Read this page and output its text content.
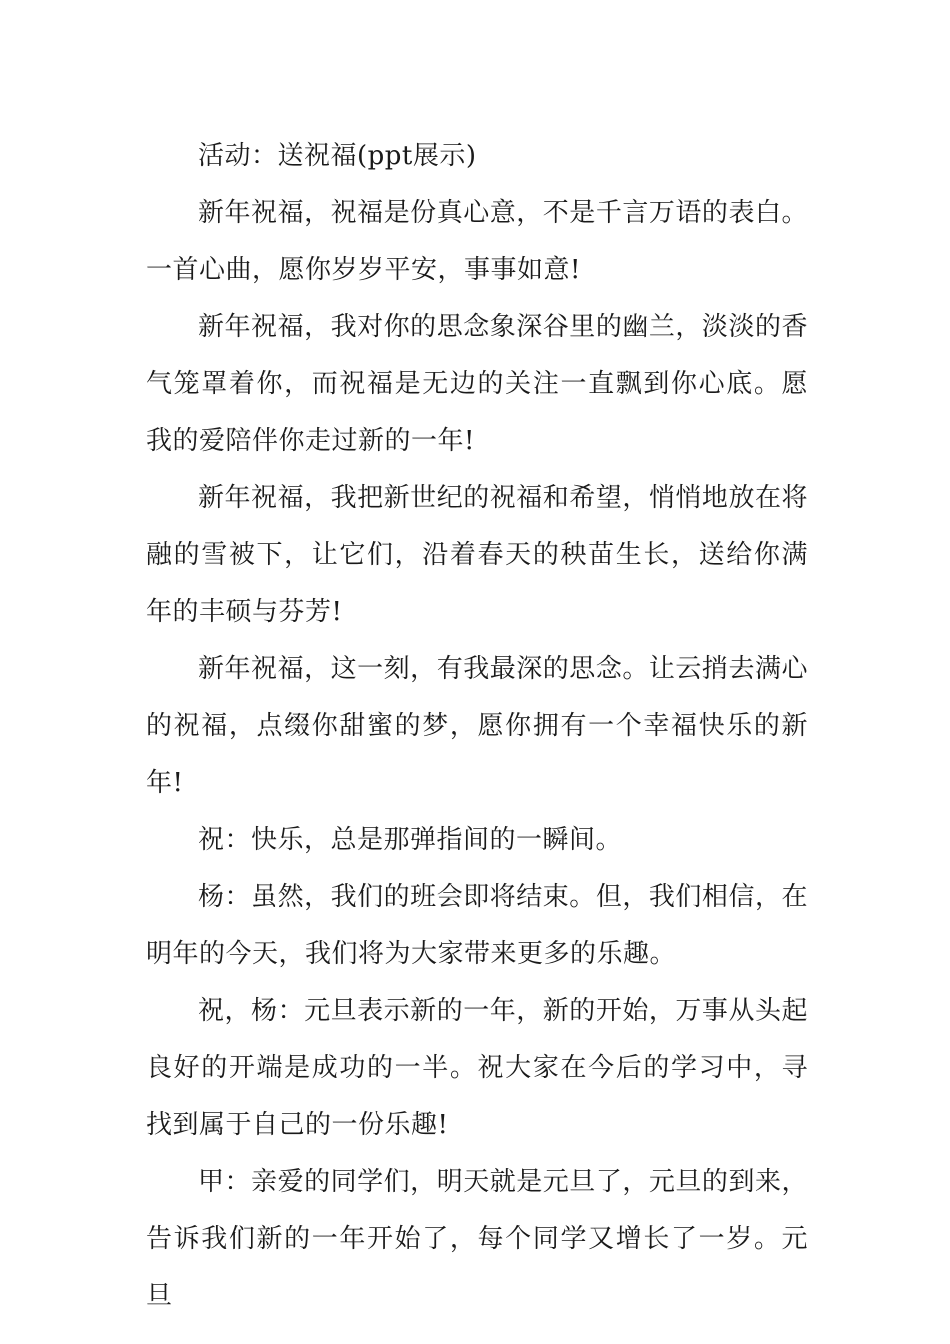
活动：送祝福(ppt展示)

新年祝福，祝福是份真心意，不是千言万语的表白。一首心曲，愿你岁岁平安，事事如意!

新年祝福，我对你的思念象深谷里的幽兰，淡淡的香气笼罩着你，而祝福是无边的关注一直飘到你心底。愿我的爱陪伴你走过新的一年!

新年祝福，我把新世纪的祝福和希望，悄悄地放在将融的雪被下，让它们，沿着春天的秧苗生长，送给你满年的丰硕与芬芳!

新年祝福，这一刻，有我最深的思念。让云捎去满心的祝福，点缀你甜蜜的梦，愿你拥有一个幸福快乐的新年!

祝：快乐，总是那弹指间的一瞬间。

杨：虽然，我们的班会即将结束。但，我们相信，在明年的今天，我们将为大家带来更多的乐趣。

祝，杨：元旦表示新的一年，新的开始，万事从头起良好的开端是成功的一半。祝大家在今后的学习中，寻找到属于自己的一份乐趣!

甲：亲爱的同学们，明天就是元旦了，元旦的到来，告诉我们新的一年开始了，每个同学又增长了一岁。元旦
